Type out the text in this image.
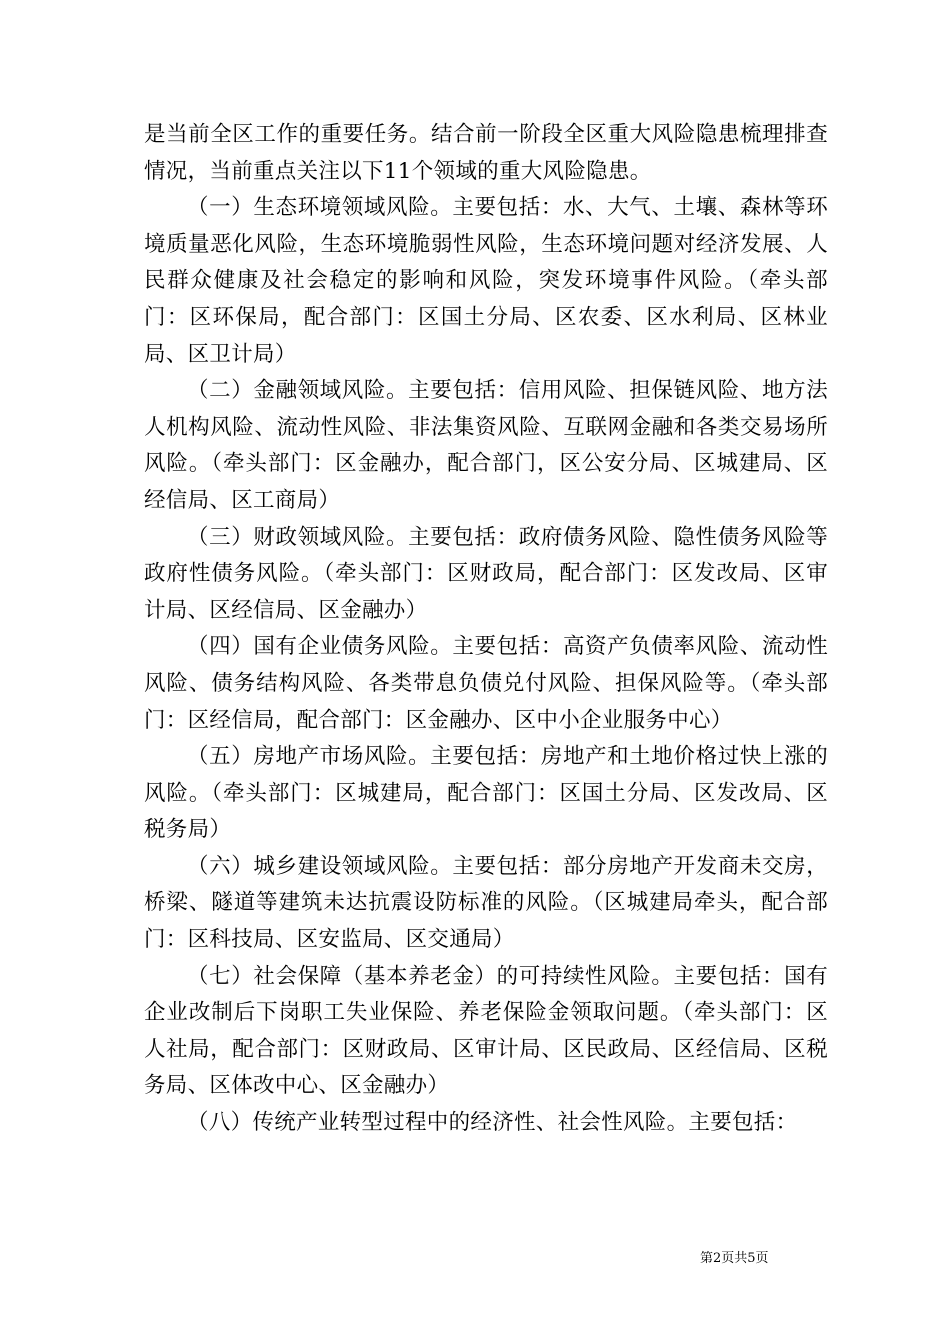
是当前全区工作的重要任务。结合前一阶段全区重大风险隐患梳理排查情况，当前重点关注以下11个领域的重大风险隐患。

（一）生态环境领域风险。主要包括：水、大气、土壤、森林等环境质量恶化风险，生态环境脆弱性风险，生态环境问题对经济发展、人民群众健康及社会稳定的影响和风险，突发环境事件风险。（牵头部门：区环保局，配合部门：区国土分局、区农委、区水利局、区林业局、区卫计局）

（二）金融领域风险。主要包括：信用风险、担保链风险、地方法人机构风险、流动性风险、非法集资风险、互联网金融和各类交易场所风险。（牵头部门：区金融办，配合部门，区公安分局、区城建局、区经信局、区工商局）

（三）财政领域风险。主要包括：政府债务风险、隐性债务风险等政府性债务风险。（牵头部门：区财政局，配合部门：区发改局、区审计局、区经信局、区金融办）

（四）国有企业债务风险。主要包括：高资产负债率风险、流动性风险、债务结构风险、各类带息负债兑付风险、担保风险等。（牵头部门：区经信局，配合部门：区金融办、区中小企业服务中心）

（五）房地产市场风险。主要包括：房地产和土地价格过快上涨的风险。（牵头部门：区城建局，配合部门：区国土分局、区发改局、区税务局）

（六）城乡建设领域风险。主要包括：部分房地产开发商未交房，桥梁、隧道等建筑未达抗震设防标准的风险。（区城建局牵头，配合部门：区科技局、区安监局、区交通局）

（七）社会保障（基本养老金）的可持续性风险。主要包括：国有企业改制后下岗职工失业保险、养老保险金领取问题。（牵头部门：区人社局，配合部门：区财政局、区审计局、区民政局、区经信局、区税务局、区体改中心、区金融办）

（八）传统产业转型过程中的经济性、社会性风险。主要包括：

第2页共5页
